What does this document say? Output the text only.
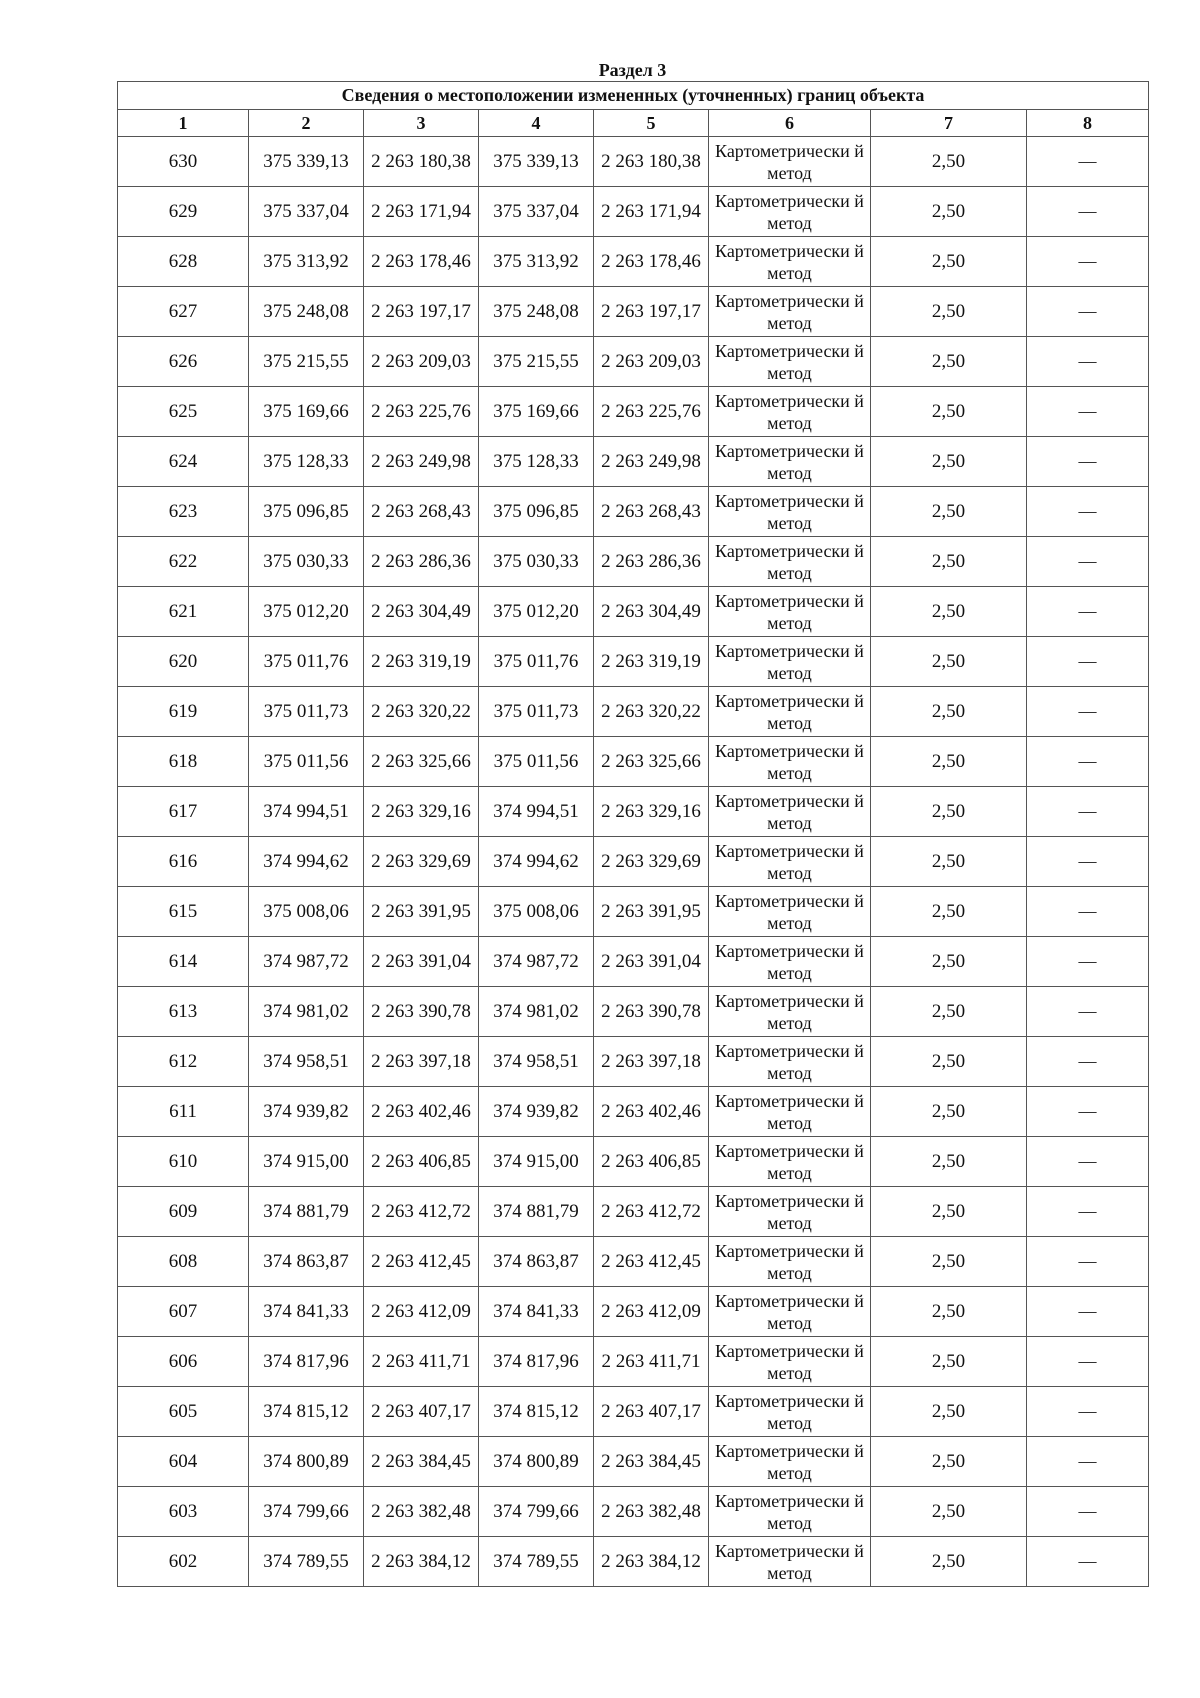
Раздел 3
Сведения о местоположении измененных (уточненных) границ объекта							
1	2	3	4	5	6	7	8
630	375 339,13	2 263 180,38	375 339,13	2 263 180,38	Картометрически й метод	2,50	—
629	375 337,04	2 263 171,94	375 337,04	2 263 171,94	Картометрически й метод	2,50	—
628	375 313,92	2 263 178,46	375 313,92	2 263 178,46	Картометрически й метод	2,50	—
627	375 248,08	2 263 197,17	375 248,08	2 263 197,17	Картометрически й метод	2,50	—
626	375 215,55	2 263 209,03	375 215,55	2 263 209,03	Картометрически й метод	2,50	—
625	375 169,66	2 263 225,76	375 169,66	2 263 225,76	Картометрически й метод	2,50	—
624	375 128,33	2 263 249,98	375 128,33	2 263 249,98	Картометрически й метод	2,50	—
623	375 096,85	2 263 268,43	375 096,85	2 263 268,43	Картометрически й метод	2,50	—
622	375 030,33	2 263 286,36	375 030,33	2 263 286,36	Картометрически й метод	2,50	—
621	375 012,20	2 263 304,49	375 012,20	2 263 304,49	Картометрически й метод	2,50	—
620	375 011,76	2 263 319,19	375 011,76	2 263 319,19	Картометрически й метод	2,50	—
619	375 011,73	2 263 320,22	375 011,73	2 263 320,22	Картометрически й метод	2,50	—
618	375 011,56	2 263 325,66	375 011,56	2 263 325,66	Картометрически й метод	2,50	—
617	374 994,51	2 263 329,16	374 994,51	2 263 329,16	Картометрически й метод	2,50	—
616	374 994,62	2 263 329,69	374 994,62	2 263 329,69	Картометрически й метод	2,50	—
615	375 008,06	2 263 391,95	375 008,06	2 263 391,95	Картометрически й метод	2,50	—
614	374 987,72	2 263 391,04	374 987,72	2 263 391,04	Картометрически й метод	2,50	—
613	374 981,02	2 263 390,78	374 981,02	2 263 390,78	Картометрически й метод	2,50	—
612	374 958,51	2 263 397,18	374 958,51	2 263 397,18	Картометрически й метод	2,50	—
611	374 939,82	2 263 402,46	374 939,82	2 263 402,46	Картометрически й метод	2,50	—
610	374 915,00	2 263 406,85	374 915,00	2 263 406,85	Картометрически й метод	2,50	—
609	374 881,79	2 263 412,72	374 881,79	2 263 412,72	Картометрически й метод	2,50	—
608	374 863,87	2 263 412,45	374 863,87	2 263 412,45	Картометрически й метод	2,50	—
607	374 841,33	2 263 412,09	374 841,33	2 263 412,09	Картометрически й метод	2,50	—
606	374 817,96	2 263 411,71	374 817,96	2 263 411,71	Картометрически й метод	2,50	—
605	374 815,12	2 263 407,17	374 815,12	2 263 407,17	Картометрически й метод	2,50	—
604	374 800,89	2 263 384,45	374 800,89	2 263 384,45	Картометрически й метод	2,50	—
603	374 799,66	2 263 382,48	374 799,66	2 263 382,48	Картометрически й метод	2,50	—
602	374 789,55	2 263 384,12	374 789,55	2 263 384,12	Картометрически й метод	2,50	—
